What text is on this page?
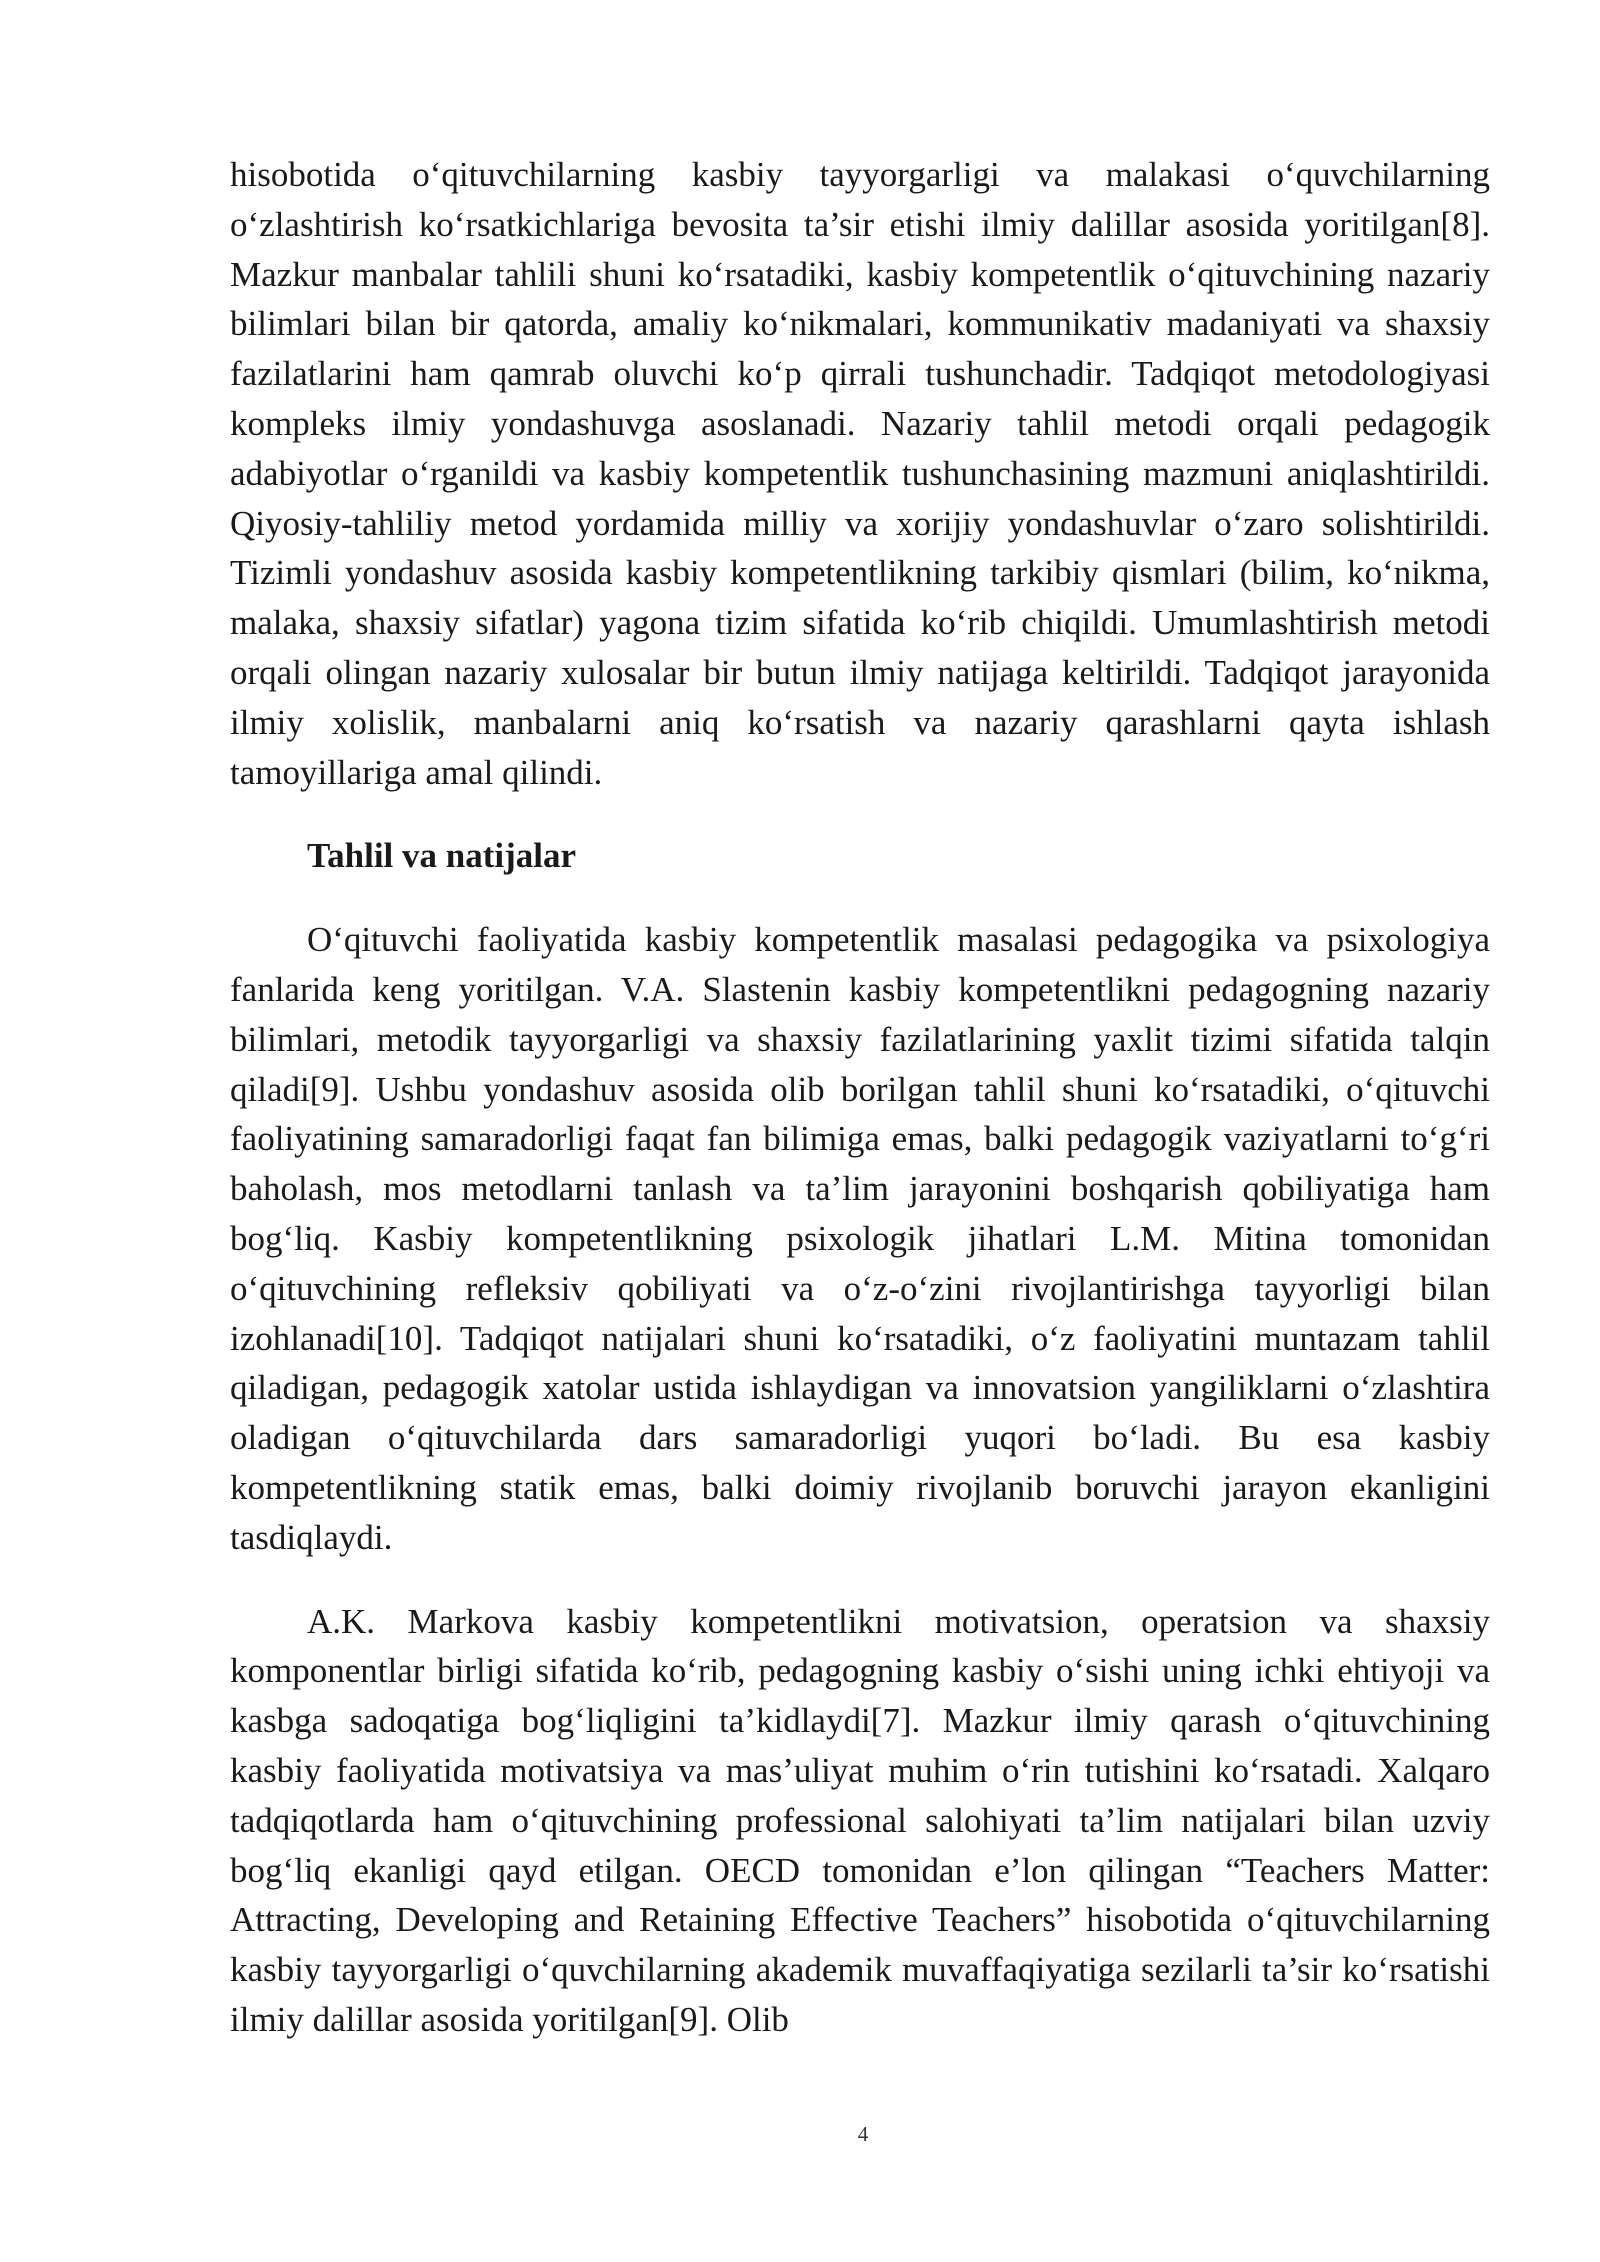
hisobotida o‘qituvchilarning kasbiy tayyorgarligi va malakasi o‘quvchilarning o‘zlashtirish ko‘rsatkichlariga bevosita ta’sir etishi ilmiy dalillar asosida yoritilgan[8]. Mazkur manbalar tahlili shuni ko‘rsatadiki, kasbiy kompetentlik o‘qituvchining nazariy bilimlari bilan bir qatorda, amaliy ko‘nikmalari, kommunikativ madaniyati va shaxsiy fazilatlarini ham qamrab oluvchi ko‘p qirrali tushunchadir. Tadqiqot metodologiyasi kompleks ilmiy yondashuvga asoslanadi. Nazariy tahlil metodi orqali pedagogik adabiyotlar o‘rganildi va kasbiy kompetentlik tushunchasining mazmuni aniqlashtirildi. Qiyosiy-tahliliy metod yordamida milliy va xorijiy yondashuvlar o‘zaro solishtirildi. Tizimli yondashuv asosida kasbiy kompetentlikning tarkibiy qismlari (bilim, ko‘nikma, malaka, shaxsiy sifatlar) yagona tizim sifatida ko‘rib chiqildi. Umumlashtirish metodi orqali olingan nazariy xulosalar bir butun ilmiy natijaga keltirildi. Tadqiqot jarayonida ilmiy xolislik, manbalarni aniq ko‘rsatish va nazariy qarashlarni qayta ishlash tamoyillariga amal qilindi.

Tahlil va natijalar

O‘qituvchi faoliyatida kasbiy kompetentlik masalasi pedagogika va psixologiya fanlarida keng yoritilgan. V.A. Slastenin kasbiy kompetentlikni pedagogning nazariy bilimlari, metodik tayyorgarligi va shaxsiy fazilatlarining yaxlit tizimi sifatida talqin qiladi[9]. Ushbu yondashuv asosida olib borilgan tahlil shuni ko‘rsatadiki, o‘qituvchi faoliyatining samaradorligi faqat fan bilimiga emas, balki pedagogik vaziyatlarni to‘g‘ri baholash, mos metodlarni tanlash va ta’lim jarayonini boshqarish qobiliyatiga ham bog‘liq. Kasbiy kompetentlikning psixologik jihatlari L.M. Mitina tomonidan o‘qituvchining refleksiv qobiliyati va o‘z-o‘zini rivojlantirishga tayyorligi bilan izohlanadi[10]. Tadqiqot natijalari shuni ko‘rsatadiki, o‘z faoliyatini muntazam tahlil qiladigan, pedagogik xatolar ustida ishlaydigan va innovatsion yangiliklarni o‘zlashtira oladigan o‘qituvchilarda dars samaradorligi yuqori bo‘ladi. Bu esa kasbiy kompetentlikning statik emas, balki doimiy rivojlanib boruvchi jarayon ekanligini tasdiqlaydi.

A.K. Markova kasbiy kompetentlikni motivatsion, operatsion va shaxsiy komponentlar birligi sifatida ko‘rib, pedagogning kasbiy o‘sishi uning ichki ehtiyoji va kasbga sadoqatiga bog‘liqligini ta’kidlaydi[7]. Mazkur ilmiy qarash o‘qituvchining kasbiy faoliyatida motivatsiya va mas’uliyat muhim o‘rin tutishini ko‘rsatadi. Xalqaro tadqiqotlarda ham o‘qituvchining professional salohiyati ta’lim natijalari bilan uzviy bog‘liq ekanligi qayd etilgan. OECD tomonidan e’lon qilingan “Teachers Matter: Attracting, Developing and Retaining Effective Teachers” hisobotida o‘qituvchilarning kasbiy tayyorgarligi o‘quvchilarning akademik muvaffaqiyatiga sezilarli ta’sir ko‘rsatishi ilmiy dalillar asosida yoritilgan[9]. Olib

4
